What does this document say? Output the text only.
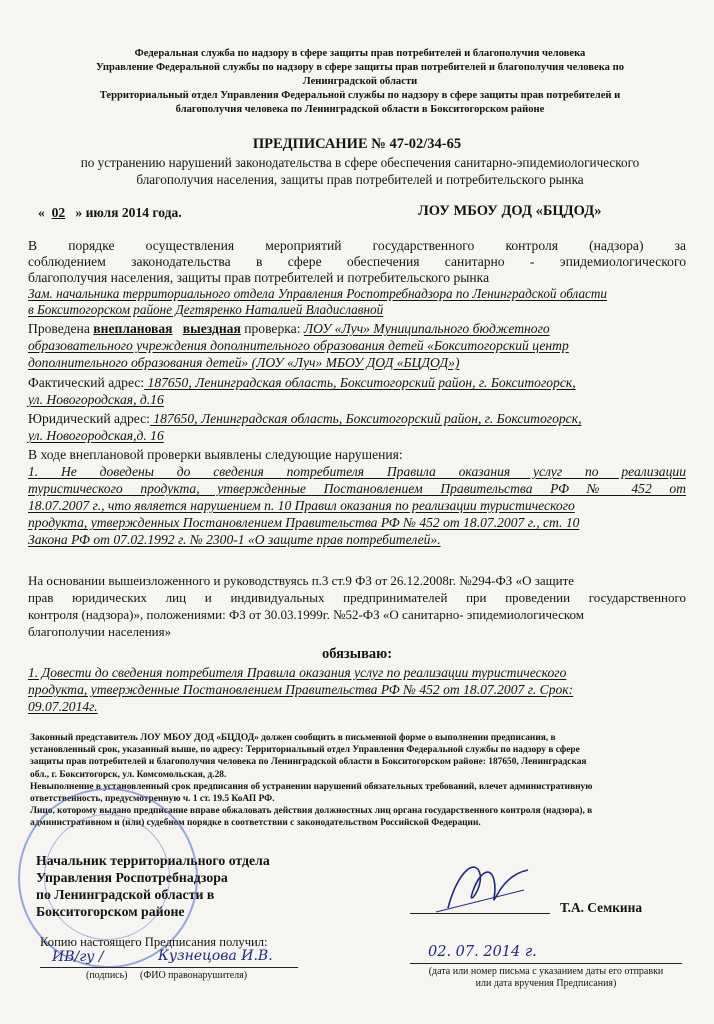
Федеральная служба по надзору в сфере защиты прав потребителей и благополучия человека
Управление Федеральной службы по надзору в сфере защиты прав потребителей и благополучия человека по
Ленинградской области
Территориальный отдел Управления Федеральной службы по надзору в сфере защиты прав потребителей и
благополучия человека по Ленинградской области в Бокситогорском районе
ПРЕДПИСАНИЕ № 47-02/34-65
по устранению нарушений законодательства в сфере обеспечения санитарно-эпидемиологического
благополучия населения, защиты прав потребителей и потребительского рынка
« 02 » июля 2014 года.	ЛОУ МБОУ ДОД «БЦДОД»
В порядке осуществления мероприятий государственного контроля (надзора) за
соблюдением законодательства в сфере обеспечения санитарно - эпидемиологического
благополучия населения, защиты прав потребителей и потребительского рынка
Зам. начальника территориального отдела Управления Роспотребнадзора по Ленинградской области
в Бокситогорском районе Дегтяренко Наталией Владиславной
Проведена внеплановая выездная проверка: ЛОУ «Луч» Муниципального бюджетного
образовательного учреждения дополнительного образования детей «Бокситогорский центр
дополнительного образования детей» (ЛОУ «Луч» МБОУ ДОД «БЦДОД»)
Фактический адрес: 187650, Ленинградская область, Бокситогорский район, г. Бокситогорск,
ул. Новогородская, д.16
Юридический адрес: 187650, Ленинградская область, Бокситогорский район, г. Бокситогорск,
ул. Новогородская,д. 16
В ходе внеплановой проверки выявлены следующие нарушения:
1. Не доведены до сведения потребителя Правила оказания услуг по реализации
туристического продукта, утвержденные Постановлением Правительства РФ № 452 от
18.07.2007 г., что является нарушением п. 10 Правил оказания по реализации туристического
продукта, утвержденных Постановлением Правительства РФ № 452 от 18.07.2007 г., ст. 10
Закона РФ от 07.02.1992 г. № 2300-1 «О защите прав потребителей».
На основании вышеизложенного и руководствуясь п.3 ст.9 ФЗ от 26.12.2008г. №294-ФЗ «О защите
прав юридических лиц и индивидуальных предпринимателей при проведении государственного
контроля (надзора)», положениями: ФЗ от 30.03.1999г. №52-ФЗ «О санитарно- эпидемиологическом
благополучии населения»
обязываю:
1. Довести до сведения потребителя Правила оказания услуг по реализации туристического
продукта, утвержденные Постановлением Правительства РФ № 452 от 18.07.2007 г. Срок:
09.07.2014г.
Законный представитель ЛОУ МБОУ ДОД «БЦДОД» должен сообщить в письменной форме о выполнении предписания, в
установленный срок, указанный выше, по адресу: Территориальный отдел Управления Федеральной службы по надзору в сфере
защиты прав потребителей и благополучия человека по Ленинградской области в Бокситогорском районе: 187650, Ленинградская
обл., г. Бокситогорск, ул. Комсомольская, д.28.
Невыполнение в установленный срок предписания об устранении нарушений обязательных требований, влечет административную
ответственность, предусмотренную ч. 1 ст. 19.5 КоАП РФ.
Лицо, которому выдано предписание вправе обжаловать действия должностных лиц органа государственного контроля (надзора), в
административном и (или) судебном порядке в соответствии с законодательством Российской Федерации.
Начальник территориального отдела
Управления Роспотребнадзора
по Ленинградской области в
Бокситогорском районе	Т.А. Семкина
Копию настоящего Предписания получил:
ИВ/гу /	Кузнецова И.В.
(подпись) (ФИО правонарушителя)
02. 07. 2014 г.
(дата или номер письма с указанием даты его отправки
или дата вручения Предписания)
